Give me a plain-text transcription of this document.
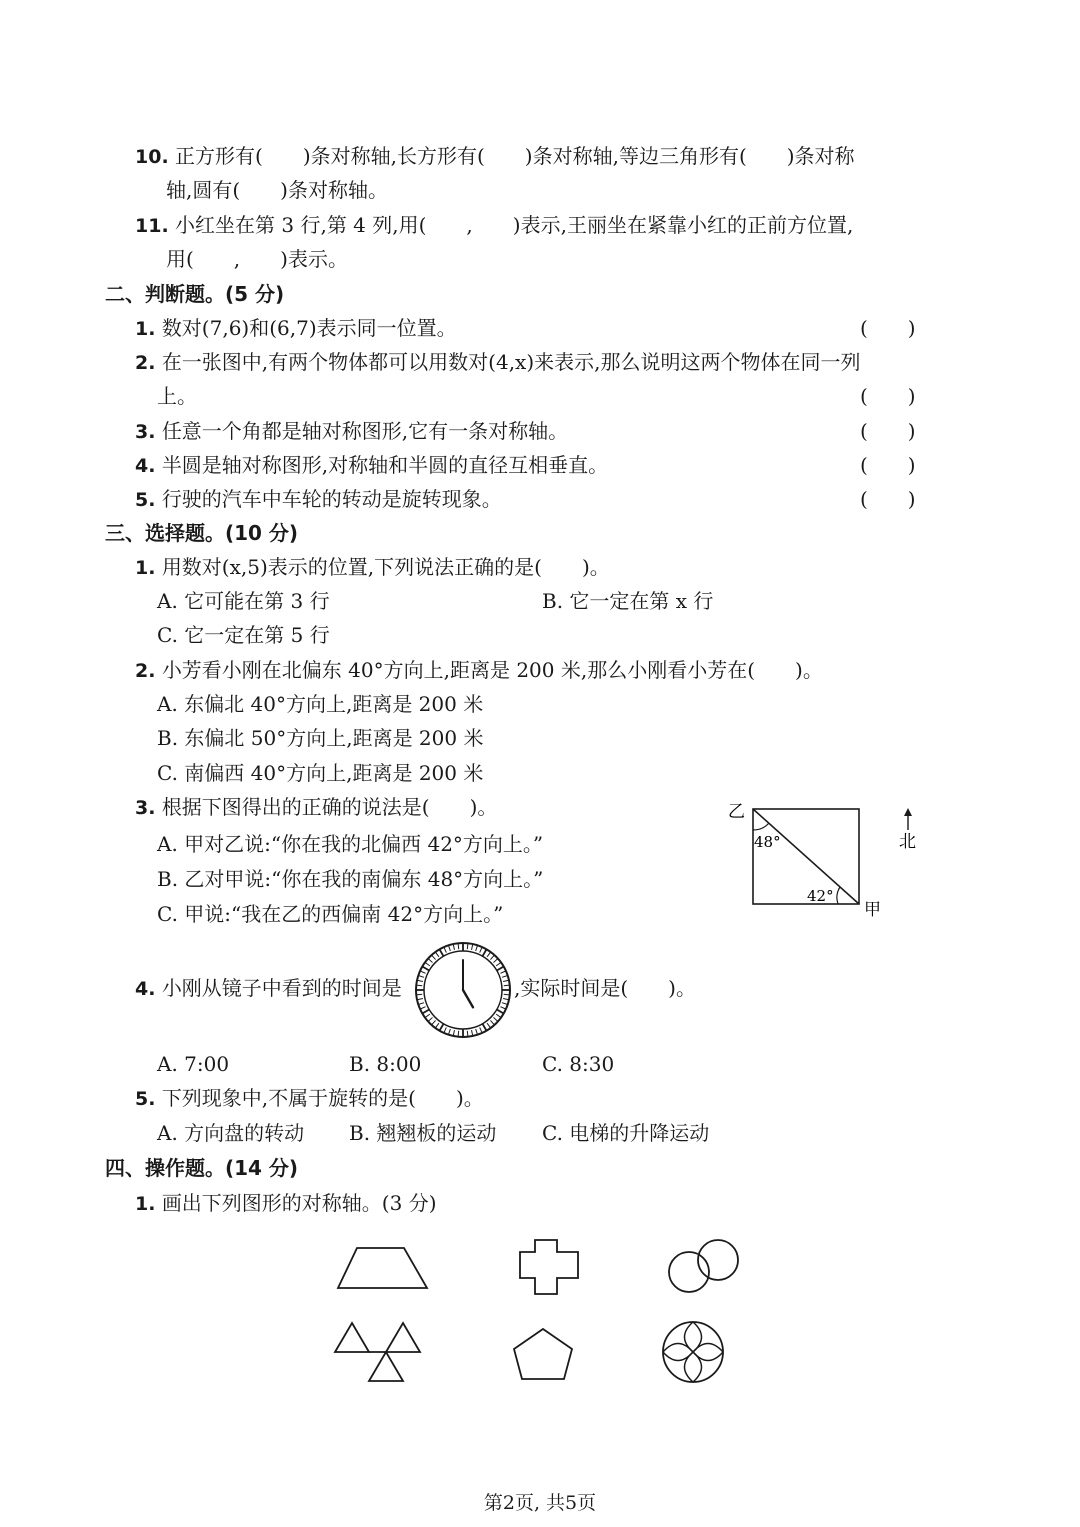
10. 正方形有(　　)条对称轴,长方形有(　　)条对称轴,等边三角形有(　　)条对称
轴,圆有(　　)条对称轴。
11. 小红坐在第 3 行,第 4 列,用(　　,　　)表示,王丽坐在紧靠小红的正前方位置,
用(　　,　　)表示。
二、判断题。(5 分)
1. 数对(7,6)和(6,7)表示同一位置。	(　　)
2. 在一张图中,有两个物体都可以用数对(4,x)来表示,那么说明这两个物体在同一列
上。	(　　)
3. 任意一个角都是轴对称图形,它有一条对称轴。	(　　)
4. 半圆是轴对称图形,对称轴和半圆的直径互相垂直。	(　　)
5. 行驶的汽车中车轮的转动是旋转现象。	(　　)
三、选择题。(10 分)
1. 用数对(x,5)表示的位置,下列说法正确的是(　　)。
A. 它可能在第 3 行	B. 它一定在第 x 行
C. 它一定在第 5 行
2. 小芳看小刚在北偏东 40°方向上,距离是 200 米,那么小刚看小芳在(　　)。
A. 东偏北 40°方向上,距离是 200 米
B. 东偏北 50°方向上,距离是 200 米
C. 南偏西 40°方向上,距离是 200 米
3. 根据下图得出的正确的说法是(　　)。
A. 甲对乙说:“你在我的北偏西 42°方向上。”
B. 乙对甲说:“你在我的南偏东 48°方向上。”
C. 甲说:“我在乙的西偏南 42°方向上。”
乙
甲
48°
42°
北
4. 小刚从镜子中看到的时间是	,实际时间是(　　)。
A. 7:00	B. 8:00	C. 8:30
5. 下列现象中,不属于旋转的是(　　)。
A. 方向盘的转动 B. 翘翘板的运动 C. 电梯的升降运动
四、操作题。(14 分)
1. 画出下列图形的对称轴。(3 分)
第2页, 共5页
